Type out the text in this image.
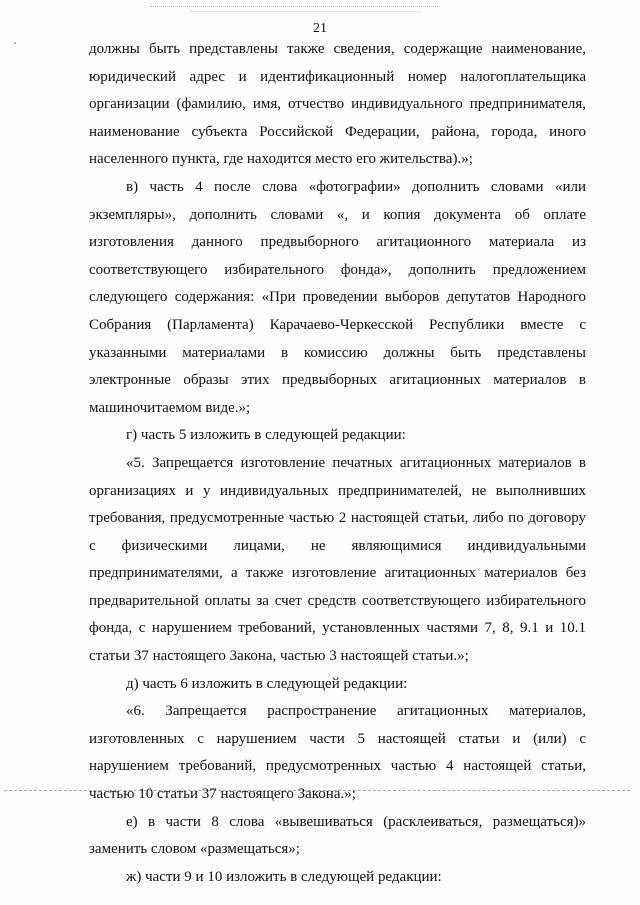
21

должны быть представлены также сведения, содержащие наименование, юридический адрес и идентификационный номер налогоплательщика организации (фамилию, имя, отчество индивидуального предпринимателя, наименование субъекта Российской Федерации, района, города, иного населенного пункта, где находится место его жительства).»;

в) часть 4 после слова «фотографии» дополнить словами «или экземпляры», дополнить словами «, и копия документа об оплате изготовления данного предвыборного агитационного материала из соответствующего избирательного фонда», дополнить предложением следующего содержания: «При проведении выборов депутатов Народного Собрания (Парламента) Карачаево-Черкесской Республики вместе с указанными материалами в комиссию должны быть представлены электронные образы этих предвыборных агитационных материалов в машиночитаемом виде.»;

г) часть 5 изложить в следующей редакции:

«5. Запрещается изготовление печатных агитационных материалов в организациях и у индивидуальных предпринимателей, не выполнивших требования, предусмотренные частью 2 настоящей статьи, либо по договору с физическими лицами, не являющимися индивидуальными предпринимателями, а также изготовление агитационных материалов без предварительной оплаты за счет средств соответствующего избирательного фонда, с нарушением требований, установленных частями 7, 8, 9.1 и 10.1 статьи 37 настоящего Закона, частью 3 настоящей статьи.»;

д) часть 6 изложить в следующей редакции:

«6. Запрещается распространение агитационных материалов, изготовленных с нарушением части 5 настоящей статьи и (или) с нарушением требований, предусмотренных частью 4 настоящей статьи, частью 10 статьи 37 настоящего Закона.»;

е) в части 8 слова «вывешиваться (расклеиваться, размещаться)» заменить словом «размещаться»;

ж) части 9 и 10 изложить в следующей редакции:
